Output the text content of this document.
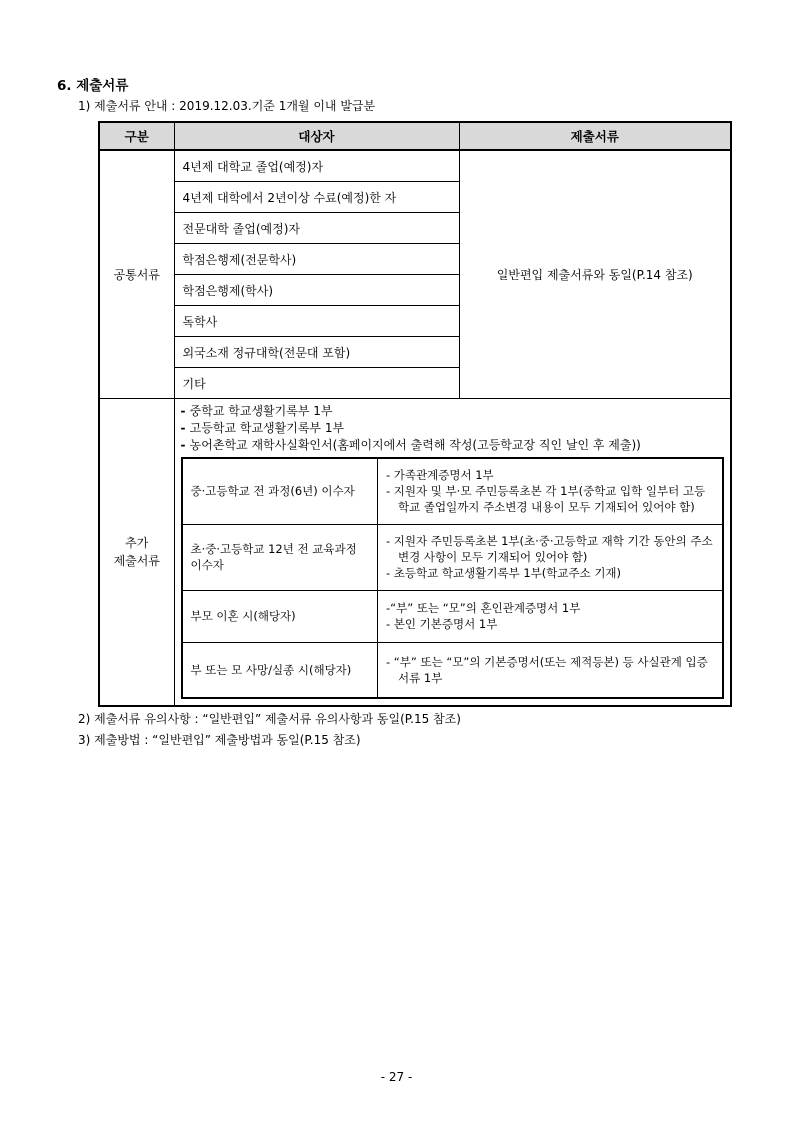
6. 제출서류
1) 제출서류 안내 : 2019.12.03.기준 1개월 이내 발급분
구분	대상자	제출서류
공통서류	4년제 대학교 졸업(예정)자	일반편입 제출서류와 동일(P.14 참조)
4년제 대학에서 2년이상 수료(예정)한 자
전문대학 졸업(예정)자
학점은행제(전문학사)
학점은행제(학사)
독학사
외국소재 정규대학(전문대 포함)
기타

추가
제출서류

- 중학교 학교생활기록부 1부
- 고등학교 학교생활기록부 1부
- 농어촌학교 재학사실확인서(홈페이지에서 출력해 작성(고등학교장 직인 날인 후 제출))
중·고등학교 전 과정(6년) 이수자	
- 가족관계증명서 1부
- 지원자 및 부·모 주민등록초본 각 1부(중학교 입학 일부터 고등학교 졸업일까지 주소변경 내용이 모두 기재되어 있어야 함)

초·중·고등학교 12년 전 교육과정 이수자	
- 지원자 주민등록초본 1부(초·중·고등학교 재학 기간 동안의 주소변경 사항이 모두 기재되어 있어야 함)
- 초등학교 학교생활기록부 1부(학교주소 기재)

부모 이혼 시(해당자)	
-“부” 또는 “모”의 혼인관계증명서 1부
- 본인 기본증명서 1부

부 또는 모 사망/실종 시(해당자)	
- “부” 또는 “모”의 기본증명서(또는 제적등본) 등 사실관계 입증서류 1부
2) 제출서류 유의사항 : “일반편입” 제출서류 유의사항과 동일(P.15 참조)
3) 제출방법 : “일반편입” 제출방법과 동일(P.15 참조)
- 27 -
